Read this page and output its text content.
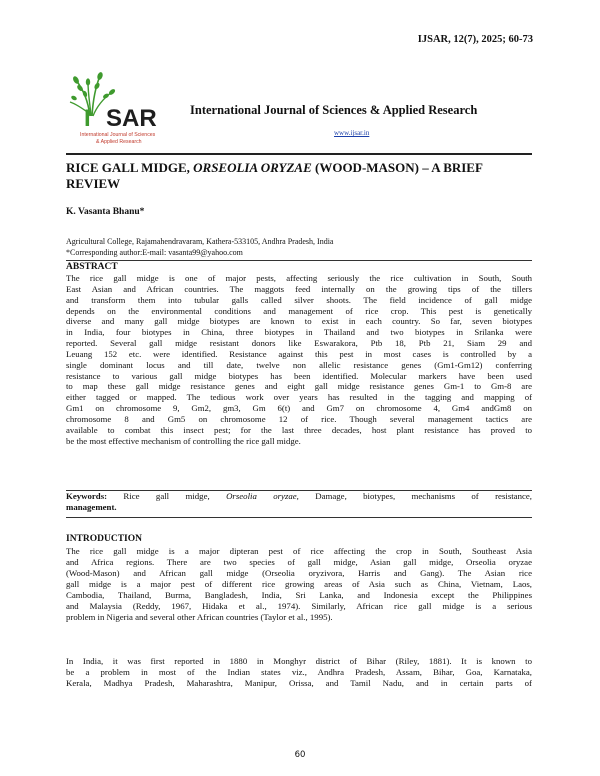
IJSAR, 12(7), 2025; 60-73
I SAR
International Journal of Sciences
& Applied Research
International Journal of Sciences & Applied Research
www.ijsar.in
RICE GALL MIDGE, ORSEOLIA ORYZAE (WOOD-MASON) – A BRIEF REVIEW
K. Vasanta Bhanu*
Agricultural College, Rajamahendravaram, Kathera-533105, Andhra Pradesh, India
*Corresponding author:E-mail: vasanta99@yahoo.com
ABSTRACT
The rice gall midge is one of major pests, affecting seriously the rice cultivation in South, South
East Asian and African countries. The maggots feed internally on the growing tips of the tillers
and transform them into tubular galls called silver shoots. The field incidence of gall midge
depends on the environmental conditions and management of rice crop. This pest is genetically
diverse and many gall midge biotypes are known to exist in each country. So far, seven biotypes
in India, four biotypes in China, three biotypes in Thailand and two biotypes in Srilanka were
reported. Several gall midge resistant donors like Eswarakora, Ptb 18, Ptb 21, Siam 29 and
Leuang 152 etc. were identified. Resistance against this pest in most cases is controlled by a
single dominant locus and till date, twelve non allelic resistance genes (Gm1-Gm12) conferring
resistance to various gall midge biotypes has been identified. Molecular markers have been used
to map these gall midge resistance genes and eight gall midge resistance genes Gm-1 to Gm-8 are
either tagged or mapped. The tedious work over years has resulted in the tagging and mapping of
Gm1 on chromosome 9, Gm2, gm3, Gm 6(t) and Gm7 on chromosome 4, Gm4 andGm8 on
chromosome 8 and Gm5 on chromosome 12 of rice. Though several management tactics are
available to combat this insect pest; for the last three decades, host plant resistance has proved to
be the most effective mechanism of controlling the rice gall midge.
Keywords: Rice gall midge, Orseolia oryzae, Damage, biotypes, mechanisms of resistance,
management.
INTRODUCTION
The rice gall midge is a major dipteran pest of rice affecting the crop in South, Southeast Asia
and Africa regions. There are two species of gall midge, Asian gall midge, Orseolia oryzae
(Wood-Mason) and African gall midge (Orseolia oryzivora, Harris and Gang). The Asian rice
gall midge is a major pest of different rice growing areas of Asia such as China, Vietnam, Laos,
Cambodia, Thailand, Burma, Bangladesh, India, Sri Lanka, and Indonesia except the Philippines
and Malaysia (Reddy, 1967, Hidaka et al., 1974). Similarly, African rice gall midge is a serious
problem in Nigeria and several other African countries (Taylor et al., 1995).
In India, it was first reported in 1880 in Monghyr district of Bihar (Riley, 1881). It is known to
be a problem in most of the Indian states viz., Andhra Pradesh, Assam, Bihar, Goa, Karnataka,
Kerala, Madhya Pradesh, Maharashtra, Manipur, Orissa, and Tamil Nadu, and in certain parts of
60
